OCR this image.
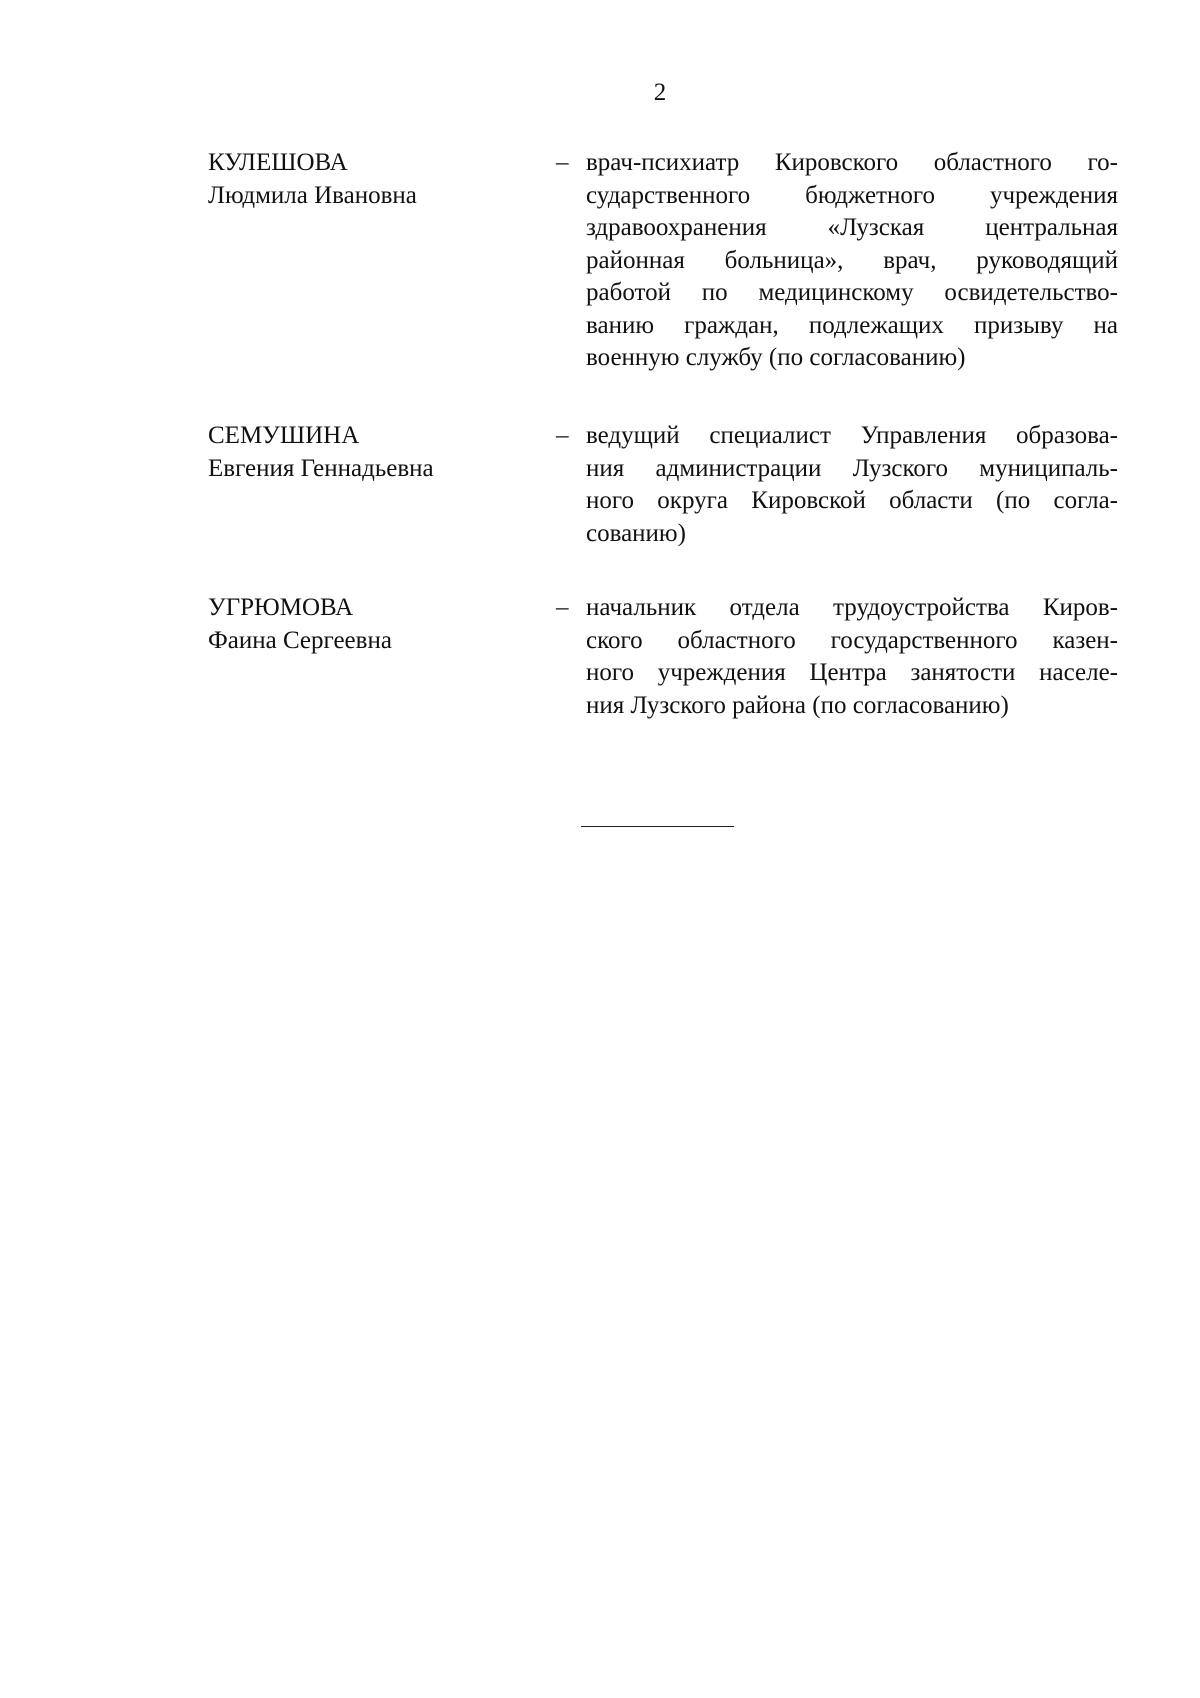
2
КУЛЕШОВА
Людмила Ивановна
– врач-психиатр Кировского областного го-
сударственного бюджетного учреждения
здравоохранения «Лузская центральная
районная больница», врач, руководящий
работой по медицинскому освидетельство-
ванию граждан, подлежащих призыву на
военную службу (по согласованию)
СЕМУШИНА
Евгения Геннадьевна
– ведущий специалист Управления образова-
ния администрации Лузского муниципаль-
ного округа Кировской области (по согла-
сованию)
УГРЮМОВА
Фаина Сергеевна
– начальник отдела трудоустройства Киров-
ского областного государственного казен-
ного учреждения Центра занятости населе-
ния Лузского района (по согласованию)
